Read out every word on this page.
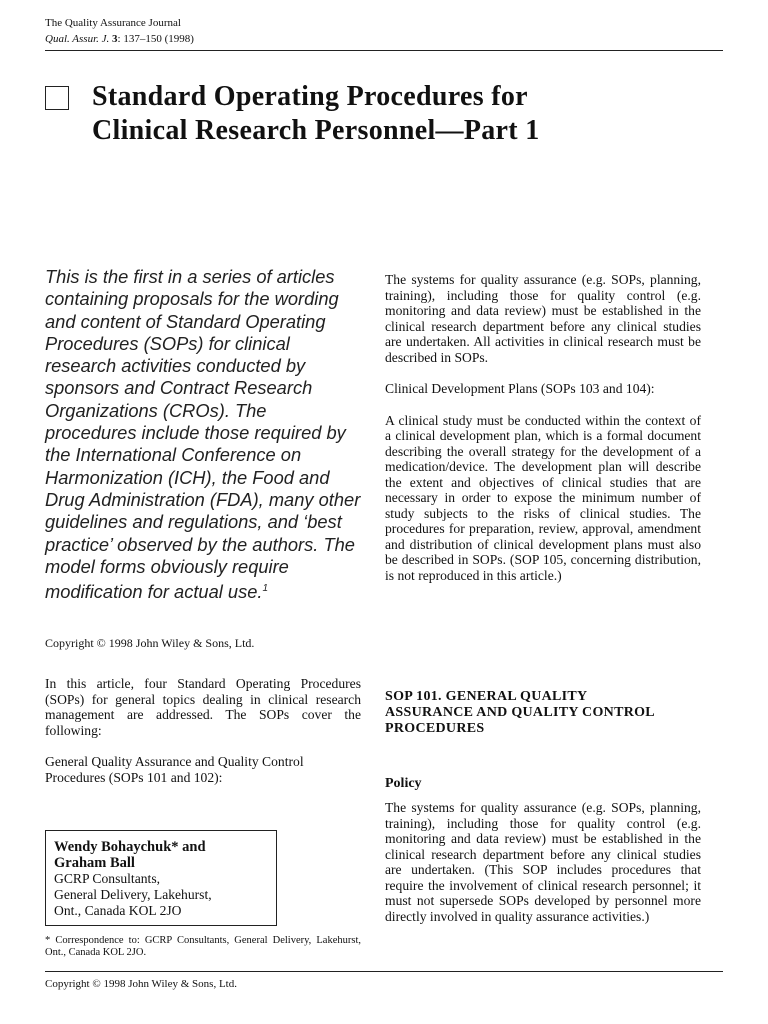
The Quality Assurance Journal
Qual. Assur. J. 3: 137–150 (1998)
Standard Operating Procedures for
Clinical Research Personnel—Part 1
This is the first in a series of articles containing proposals for the wording and content of Standard Operating Procedures (SOPs) for clinical research activities conducted by sponsors and Contract Research Organizations (CROs). The procedures include those required by the International Conference on Harmonization (ICH), the Food and Drug Administration (FDA), many other guidelines and regulations, and ‘best practice’ observed by the authors. The model forms obviously require modification for actual use.$^1$
Copyright © 1998 John Wiley & Sons, Ltd.

In this article, four Standard Operating Procedures (SOPs) for general topics dealing in clinical research management are addressed. The SOPs cover the following:

General Quality Assurance and Quality Control Procedures (SOPs 101 and 102):

Wendy Bohaychuk* and
Graham Ball
GCRP Consultants,
General Delivery, Lakehurst,
Ont., Canada KOL 2JO
* Correspondence to: GCRP Consultants, General Delivery, Lakehurst, Ont., Canada KOL 2JO.

The systems for quality assurance (e.g. SOPs, planning, training), including those for quality control (e.g. monitoring and data review) must be established in the clinical research department before any clinical studies are undertaken. All activities in clinical research must be described in SOPs.

Clinical Development Plans (SOPs 103 and 104):

A clinical study must be conducted within the context of a clinical development plan, which is a formal document describing the overall strategy for the development of a medication/device. The development plan will describe the extent and objectives of clinical studies that are necessary in order to expose the minimum number of study subjects to the risks of clinical studies. The procedures for preparation, review, approval, amendment and distribution of clinical development plans must also be described in SOPs. (SOP 105, concerning distribution, is not reproduced in this article.)

SOP 101. GENERAL QUALITY
ASSURANCE AND QUALITY CONTROL
PROCEDURES
Policy

The systems for quality assurance (e.g. SOPs, planning, training), including those for quality control (e.g. monitoring and data review) must be established in the clinical research department before any clinical studies are undertaken. (This SOP includes procedures that require the involvement of clinical research personnel; it must not supersede SOPs developed by personnel more directly involved in quality assurance activities.)

Copyright © 1998 John Wiley & Sons, Ltd.
